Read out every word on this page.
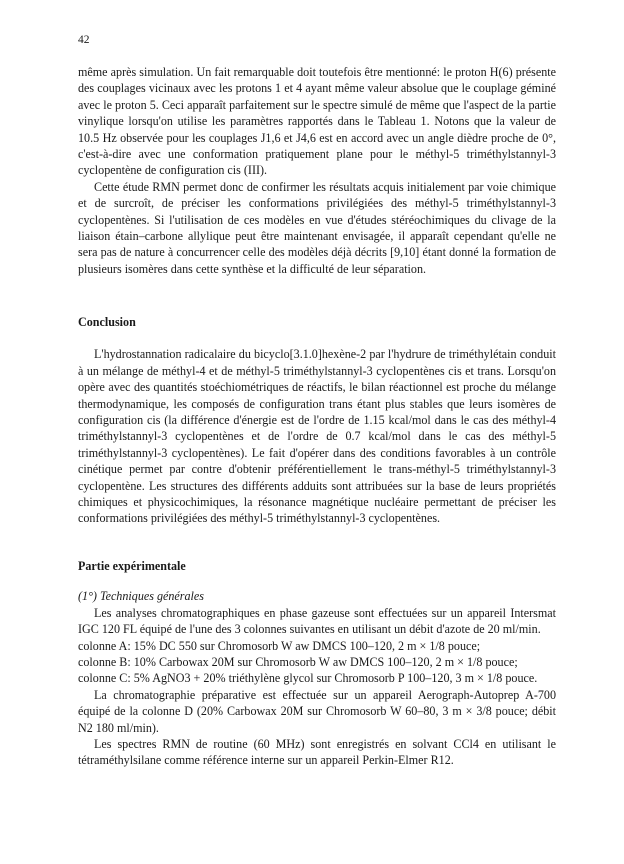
42

même après simulation. Un fait remarquable doit toutefois être mentionné: le proton H(6) présente des couplages vicinaux avec les protons 1 et 4 ayant même valeur absolue que le couplage géminé avec le proton 5. Ceci apparaît parfaitement sur le spectre simulé de même que l'aspect de la partie vinylique lorsqu'on utilise les paramètres rapportés dans le Tableau 1. Notons que la valeur de 10.5 Hz observée pour les couplages J1,6 et J4,6 est en accord avec un angle dièdre proche de 0°, c'est-à-dire avec une conformation pratiquement plane pour le méthyl-5 triméthylstannyl-3 cyclopentène de configuration cis (III).

Cette étude RMN permet donc de confirmer les résultats acquis initialement par voie chimique et de surcroît, de préciser les conformations privilégiées des méthyl-5 triméthylstannyl-3 cyclopentènes. Si l'utilisation de ces modèles en vue d'études stéréochimiques du clivage de la liaison étain–carbone allylique peut être maintenant envisagée, il apparaît cependant qu'elle ne sera pas de nature à concurrencer celle des modèles déjà décrits [9,10] étant donné la formation de plusieurs isomères dans cette synthèse et la difficulté de leur séparation.

Conclusion

L'hydrostannation radicalaire du bicyclo[3.1.0]hexène-2 par l'hydrure de triméthylétain conduit à un mélange de méthyl-4 et de méthyl-5 triméthylstannyl-3 cyclopentènes cis et trans. Lorsqu'on opère avec des quantités stoéchiométriques de réactifs, le bilan réactionnel est proche du mélange thermodynamique, les composés de configuration trans étant plus stables que leurs isomères de configuration cis (la différence d'énergie est de l'ordre de 1.15 kcal/mol dans le cas des méthyl-4 triméthylstannyl-3 cyclopentènes et de l'ordre de 0.7 kcal/mol dans le cas des méthyl-5 triméthylstannyl-3 cyclopentènes). Le fait d'opérer dans des conditions favorables à un contrôle cinétique permet par contre d'obtenir préférentiellement le trans-méthyl-5 triméthylstannyl-3 cyclopentène. Les structures des différents adduits sont attribuées sur la base de leurs propriétés chimiques et physicochimiques, la résonance magnétique nucléaire permettant de préciser les conformations privilégiées des méthyl-5 triméthylstannyl-3 cyclopentènes.

Partie expérimentale

(1°) Techniques générales

Les analyses chromatographiques en phase gazeuse sont effectuées sur un appareil Intersmat IGC 120 FL équipé de l'une des 3 colonnes suivantes en utilisant un débit d'azote de 20 ml/min.

colonne A: 15% DC 550 sur Chromosorb W aw DMCS 100–120, 2 m × 1/8 pouce;
colonne B: 10% Carbowax 20M sur Chromosorb W aw DMCS 100–120, 2 m × 1/8 pouce;
colonne C: 5% AgNO3 + 20% triéthylène glycol sur Chromosorb P 100–120, 3 m × 1/8 pouce.

La chromatographie préparative est effectuée sur un appareil Aerograph-Autoprep A-700 équipé de la colonne D (20% Carbowax 20M sur Chromosorb W 60–80, 3 m × 3/8 pouce; débit N2 180 ml/min).

Les spectres RMN de routine (60 MHz) sont enregistrés en solvant CCl4 en utilisant le tétraméthylsilane comme référence interne sur un appareil Perkin-Elmer R12.
